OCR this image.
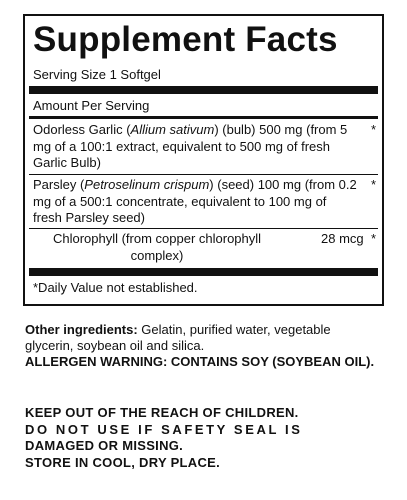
Supplement Facts
Serving Size 1 Softgel
Amount Per Serving
Odorless Garlic (Allium sativum) (bulb) 500 mg (from 5 mg of a 100:1 extract, equivalent to 500 mg of fresh Garlic Bulb)
*
Parsley (Petroselinum crispum) (seed) 100 mg (from 0.2 mg of a 500:1 concentrate, equivalent to 100 mg of fresh Parsley seed)
*
Chlorophyll (from copper chlorophyll complex)
28 mcg *
*Daily Value not established.
Other ingredients: Gelatin, purified water, vegetable glycerin, soybean oil and silica.
ALLERGEN WARNING: CONTAINS SOY (SOYBEAN OIL).
KEEP OUT OF THE REACH OF CHILDREN.
DO NOT USE IF SAFETY SEAL IS
DAMAGED OR MISSING.
STORE IN COOL, DRY PLACE.
